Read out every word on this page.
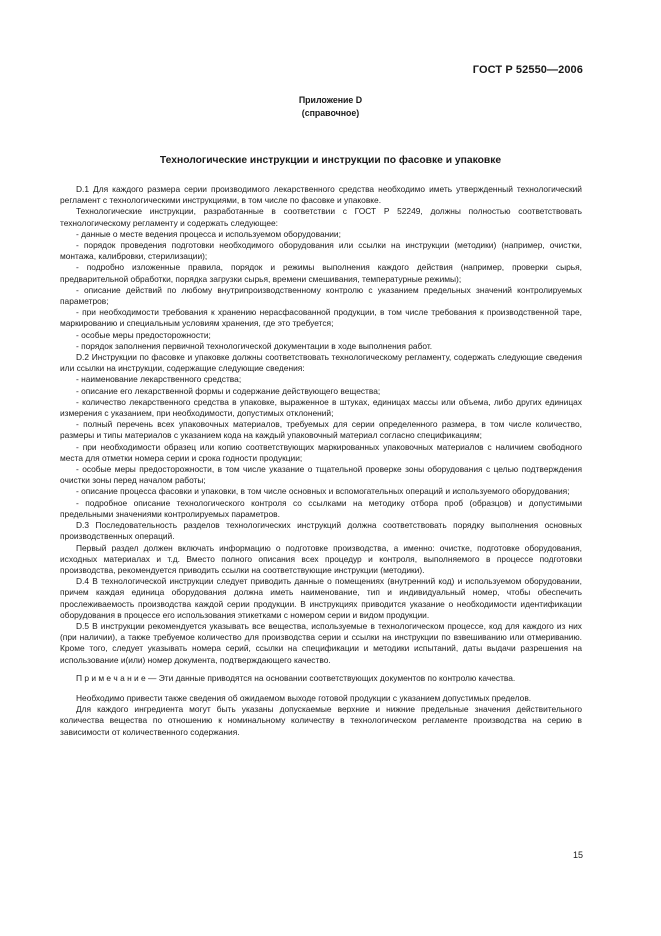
ГОСТ Р 52550—2006
Приложение D
(справочное)
Технологические инструкции и инструкции по фасовке и упаковке

D.1 Для каждого размера серии производимого лекарственного средства необходимо иметь утвержденный технологический регламент с технологическими инструкциями, в том числе по фасовке и упаковке.

Технологические инструкции, разработанные в соответствии с ГОСТ Р 52249, должны полностью соответствовать технологическому регламенту и содержать следующее:

- данные о месте ведения процесса и используемом оборудовании;

- порядок проведения подготовки необходимого оборудования или ссылки на инструкции (методики) (например, очистки, монтажа, калибровки, стерилизации);

- подробно изложенные правила, порядок и режимы выполнения каждого действия (например, проверки сырья, предварительной обработки, порядка загрузки сырья, времени смешивания, температурные режимы);

- описание действий по любому внутрипроизводственному контролю с указанием предельных значений контролируемых параметров;

- при необходимости требования к хранению нерасфасованной продукции, в том числе требования к производственной таре, маркированию и специальным условиям хранения, где это требуется;

- особые меры предосторожности;

- порядок заполнения первичной технологической документации в ходе выполнения работ.

D.2 Инструкции по фасовке и упаковке должны соответствовать технологическому регламенту, содержать следующие сведения или ссылки на инструкции, содержащие следующие сведения:

- наименование лекарственного средства;

- описание его лекарственной формы и содержание действующего вещества;

- количество лекарственного средства в упаковке, выраженное в штуках, единицах массы или объема, либо других единицах измерения с указанием, при необходимости, допустимых отклонений;

- полный перечень всех упаковочных материалов, требуемых для серии определенного размера, в том числе количество, размеры и типы материалов с указанием кода на каждый упаковочный материал согласно спецификациям;

- при необходимости образец или копию соответствующих маркированных упаковочных материалов с наличием свободного места для отметки номера серии и срока годности продукции;

- особые меры предосторожности, в том числе указание о тщательной проверке зоны оборудования с целью подтверждения очистки зоны перед началом работы;

- описание процесса фасовки и упаковки, в том числе основных и вспомогательных операций и используемого оборудования;

- подробное описание технологического контроля со ссылками на методику отбора проб (образцов) и допустимыми предельными значениями контролируемых параметров.

D.3 Последовательность разделов технологических инструкций должна соответствовать порядку выполнения основных производственных операций.

Первый раздел должен включать информацию о подготовке производства, а именно: очистке, подготовке оборудования, исходных материалах и т.д. Вместо полного описания всех процедур и контроля, выполняемого в процессе подготовки производства, рекомендуется приводить ссылки на соответствующие инструкции (методики).

D.4 В технологической инструкции следует приводить данные о помещениях (внутренний код) и используемом оборудовании, причем каждая единица оборудования должна иметь наименование, тип и индивидуальный номер, чтобы обеспечить прослеживаемость производства каждой серии продукции. В инструкциях приводится указание о необходимости идентификации оборудования в процессе его использования этикетками с номером серии и видом продукции.

D.5 В инструкции рекомендуется указывать все вещества, используемые в технологическом процессе, код для каждого из них (при наличии), а также требуемое количество для производства серии и ссылки на инструкции по взвешиванию или отмериванию. Кроме того, следует указывать номера серий, ссылки на спецификации и методики испытаний, даты выдачи разрешения на использование и(или) номер документа, подтверждающего качество.

П р и м е ч а н и е — Эти данные приводятся на основании соответствующих документов по контролю качества.

Необходимо привести также сведения об ожидаемом выходе готовой продукции с указанием допустимых пределов.

Для каждого ингредиента могут быть указаны допускаемые верхние и нижние предельные значения действительного количества вещества по отношению к номинальному количеству в технологическом регламенте производства на серию в зависимости от количественного содержания.

15
